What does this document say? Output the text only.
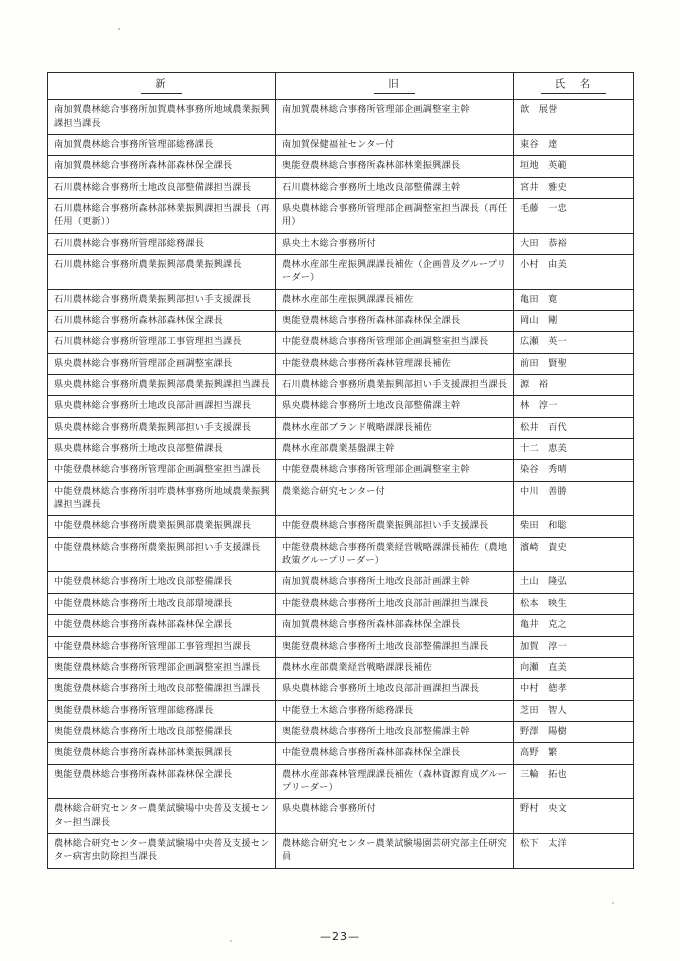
新	旧	氏　名
南加賀農林総合事務所加賀農林事務所地域農業振興課担当課長	南加賀農林総合事務所管理部企画調整室主幹	歆　展誉
南加賀農林総合事務所管理部総務課長	南加賀保健福祉センター付	東谷　達
南加賀農林総合事務所森林部森林保全課長	奥能登農林総合事務所森林部林業振興課長	垣地　英範
石川農林総合事務所土地改良部整備課担当課長	石川農林総合事務所土地改良部整備課主幹	宮井　雅史
石川農林総合事務所森林部林業振興課担当課長（再任用（更新））	県央農林総合事務所管理部企画調整室担当課長（再任用）	毛藤　一忠
石川農林総合事務所管理部総務課長	県央土木総合事務所付	大田　恭裕
石川農林総合事務所農業振興部農業振興課長	農林水産部生産振興課課長補佐（企画普及グループリーダー）	小村　由美
石川農林総合事務所農業振興部担い手支援課長	農林水産部生産振興課課長補佐	亀田　寛
石川農林総合事務所森林部森林保全課長	奥能登農林総合事務所森林部森林保全課長	岡山　剛
石川農林総合事務所管理部工事管理担当課長	中能登農林総合事務所管理部企画調整室担当課長	広瀬　英一
県央農林総合事務所管理部企画調整室課長	中能登農林総合事務所森林管理課長補佐	前田　賢聖
県央農林総合事務所農業振興部農業振興課担当課長	石川農林総合事務所農業振興部担い手支援課担当課長	源　裕
県央農林総合事務所土地改良部計画課担当課長	県央農林総合事務所土地改良部整備課主幹	林　淳一
県央農林総合事務所農業振興部担い手支援課長	農林水産部ブランド戦略課課長補佐	松井　百代
県央農林総合事務所土地改良部整備課長	農林水産部農業基盤課主幹	十二　恵美
中能登農林総合事務所管理部企画調整室担当課長	中能登農林総合事務所管理部企画調整室主幹	染谷　秀晴
中能登農林総合事務所羽咋農林事務所地域農業振興課担当課長	農業総合研究センター付	中川　善勝
中能登農林総合事務所農業振興部農業振興課長	中能登農林総合事務所農業振興部担い手支援課長	柴田　和聡
中能登農林総合事務所農業振興部担い手支援課長	中能登農林総合事務所農業経営戦略課課長補佐（農地政策グループリーダー）	濱崎　貴史
中能登農林総合事務所土地改良部整備課長	南加賀農林総合事務所土地改良部計画課主幹	土山　隆弘
中能登農林総合事務所土地改良部環境課長	中能登農林総合事務所土地改良部計画課担当課長	松本　映生
中能登農林総合事務所森林部森林保全課長	南加賀農林総合事務所森林部森林保全課長	亀井　克之
中能登農林総合事務所管理部工事管理担当課長	奥能登農林総合事務所土地改良部整備課担当課長	加賀　淳一
奥能登農林総合事務所管理部企画調整室担当課長	農林水産部農業経営戦略課課長補佐	向瀬　直美
奥能登農林総合事務所土地改良部整備課担当課長	県央農林総合事務所土地改良部計画課担当課長	中村　徳孝
奥能登農林総合事務所管理部総務課長	中能登土木総合事務所総務課長	芝田　智人
奥能登農林総合事務所土地改良部整備課長	奥能登農林総合事務所土地改良部整備課主幹	野澤　陽樹
奥能登農林総合事務所森林部林業振興課長	中能登農林総合事務所森林部森林保全課長	高野　繁
奥能登農林総合事務所森林部森林保全課長	農林水産部森林管理課課長補佐（森林資源育成グループリーダー）	三輪　拓也
農林総合研究センター農業試験場中央普及支援センター担当課長	県央農林総合事務所付	野村　央文
農林総合研究センター農業試験場中央普及支援センター病害虫防除担当課長	農林総合研究センター農業試験場園芸研究部主任研究員	松下　太洋
—23—
